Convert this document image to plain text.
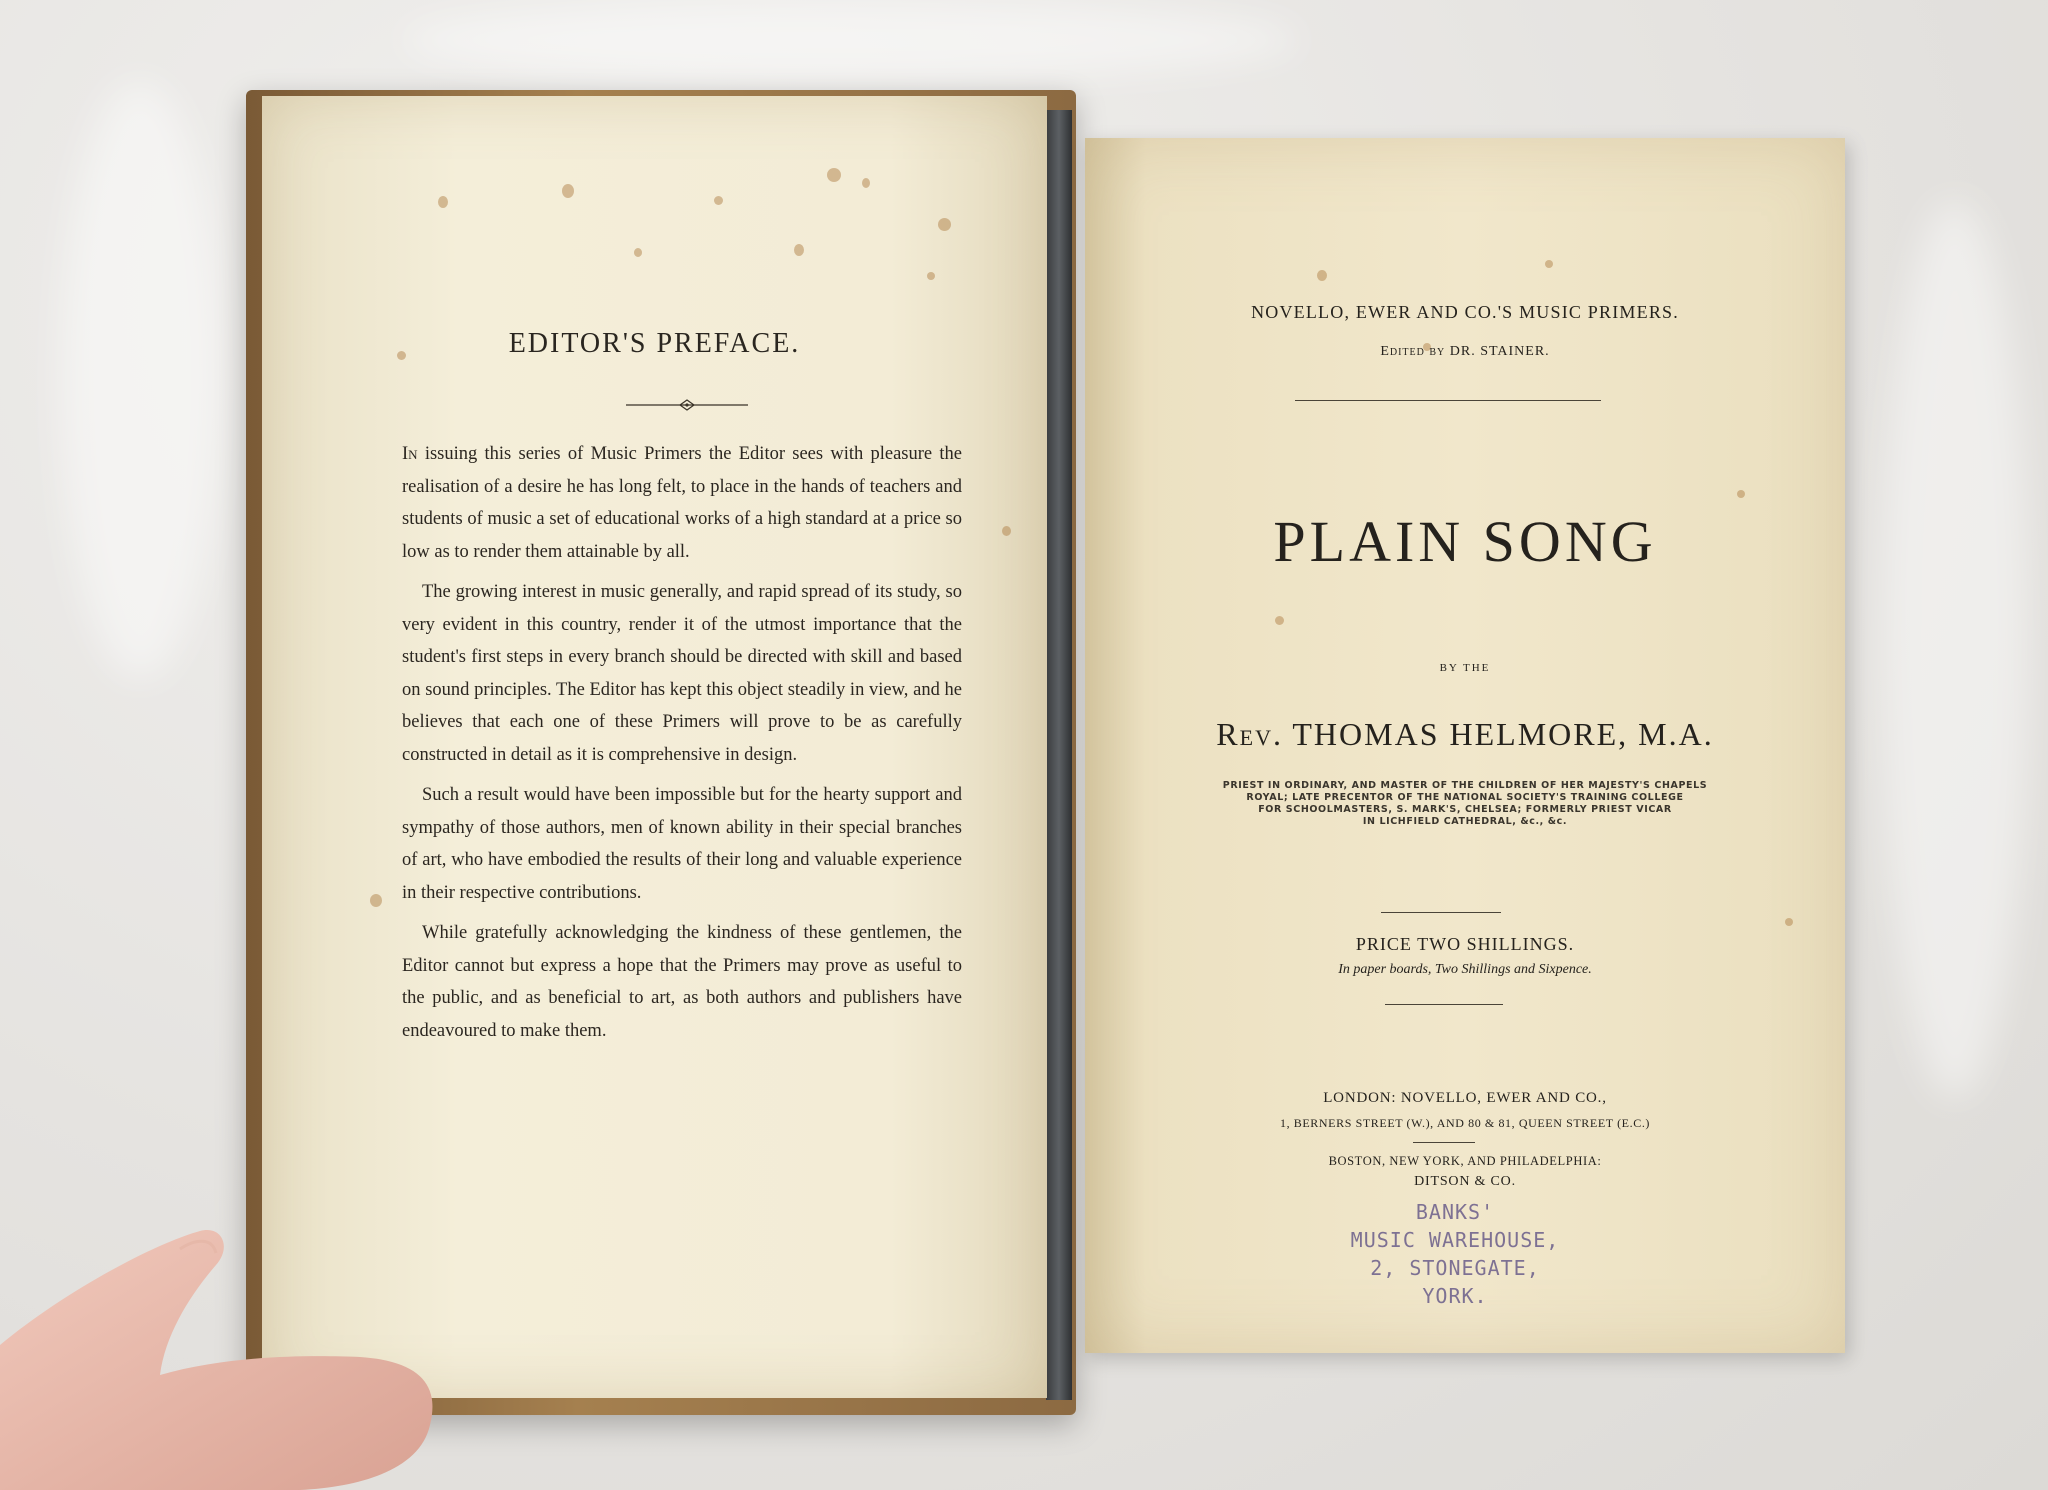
EDITOR'S PREFACE.

In issuing this series of Music Primers the Editor sees with pleasure the realisation of a desire he has long felt, to place in the hands of teachers and students of music a set of educational works of a high standard at a price so low as to render them attainable by all.

The growing interest in music generally, and rapid spread of its study, so very evident in this country, render it of the utmost importance that the student's first steps in every branch should be directed with skill and based on sound principles. The Editor has kept this object steadily in view, and he believes that each one of these Primers will prove to be as carefully constructed in detail as it is comprehensive in design.

Such a result would have been impossible but for the hearty support and sympathy of those authors, men of known ability in their special branches of art, who have embodied the results of their long and valuable experience in their respective contributions.

While gratefully acknowledging the kindness of these gentlemen, the Editor cannot but express a hope that the Primers may prove as useful to the public, and as beneficial to art, as both authors and publishers have endeavoured to make them.

NOVELLO, EWER AND CO.'S MUSIC PRIMERS.
Edited by DR. STAINER.
PLAIN SONG
BY THE
Rev. THOMAS HELMORE, M.A.
PRIEST IN ORDINARY, AND MASTER OF THE CHILDREN OF HER MAJESTY'S CHAPELS
ROYAL; LATE PRECENTOR OF THE NATIONAL SOCIETY'S TRAINING COLLEGE
FOR SCHOOLMASTERS, S. MARK'S, CHELSEA; FORMERLY PRIEST VICAR
IN LICHFIELD CATHEDRAL, &c., &c.
PRICE TWO SHILLINGS.
In paper boards, Two Shillings and Sixpence.
LONDON: NOVELLO, EWER AND CO.,
1, BERNERS STREET (W.), AND 80 & 81, QUEEN STREET (E.C.)
BOSTON, NEW YORK, AND PHILADELPHIA:
DITSON & CO.
BANKS'
MUSIC WAREHOUSE,
2, STONEGATE,
YORK.
